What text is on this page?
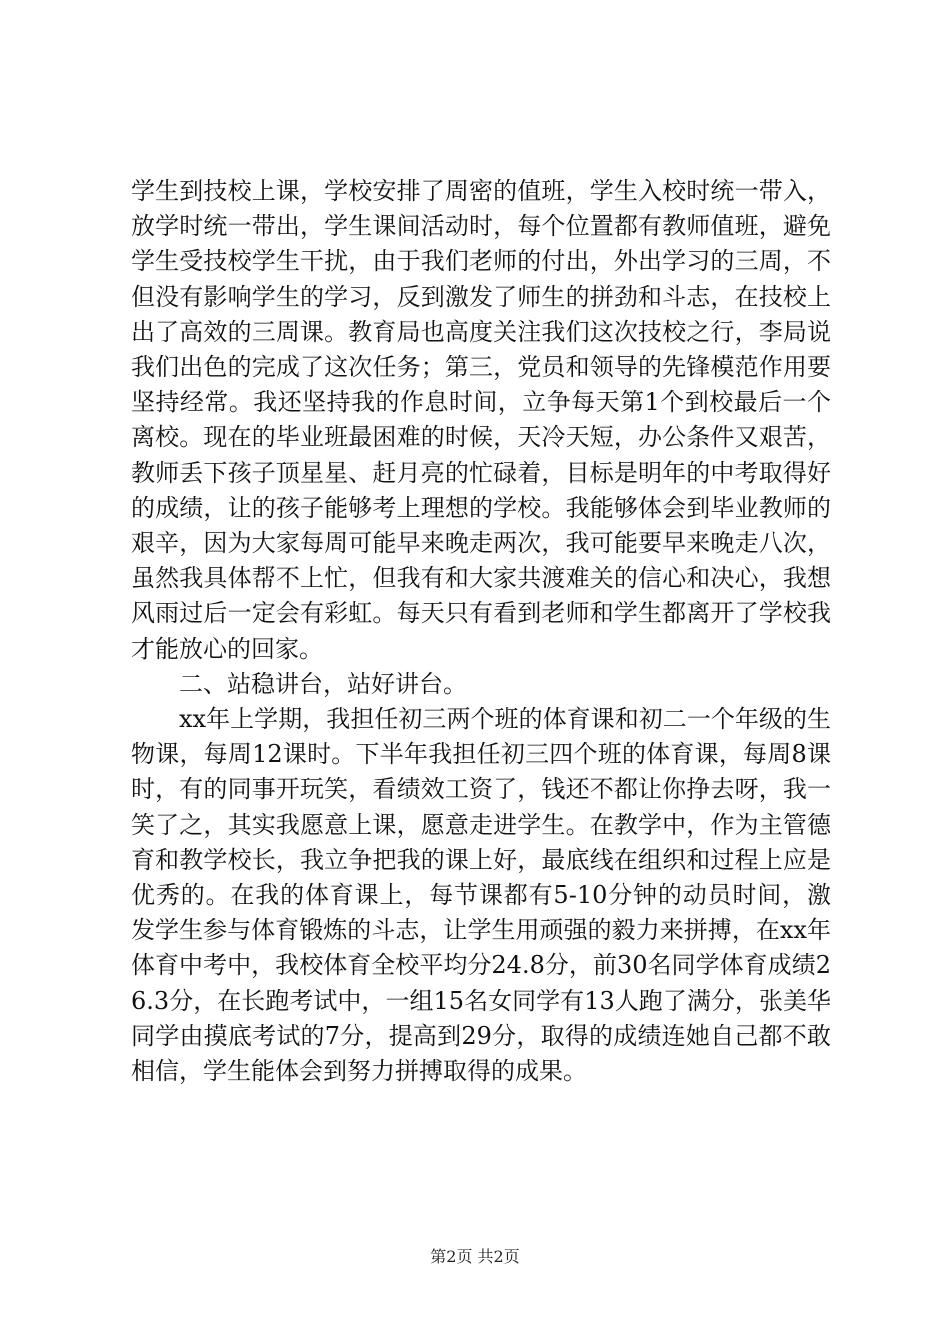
学生到技校上课，学校安排了周密的值班，学生入校时统一带入，放学时统一带出，学生课间活动时，每个位置都有教师值班，避免学生受技校学生干扰，由于我们老师的付出，外出学习的三周，不但没有影响学生的学习，反到激发了师生的拼劲和斗志，在技校上出了高效的三周课。教育局也高度关注我们这次技校之行，李局说我们出色的完成了这次任务；第三，党员和领导的先锋模范作用要坚持经常。我还坚持我的作息时间，立争每天第1个到校最后一个离校。现在的毕业班最困难的时候，天冷天短，办公条件又艰苦，教师丢下孩子顶星星、赶月亮的忙碌着，目标是明年的中考取得好的成绩，让的孩子能够考上理想的学校。我能够体会到毕业教师的艰辛，因为大家每周可能早来晚走两次，我可能要早来晚走八次，虽然我具体帮不上忙，但我有和大家共渡难关的信心和决心，我想风雨过后一定会有彩虹。每天只有看到老师和学生都离开了学校我才能放心的回家。

二、站稳讲台，站好讲台。

xx年上学期，我担任初三两个班的体育课和初二一个年级的生物课，每周12课时。下半年我担任初三四个班的体育课，每周8课时，有的同事开玩笑，看绩效工资了，钱还不都让你挣去呀，我一笑了之，其实我愿意上课，愿意走进学生。在教学中，作为主管德育和教学校长，我立争把我的课上好，最底线在组织和过程上应是优秀的。在我的体育课上，每节课都有5-10分钟的动员时间，激发学生参与体育锻炼的斗志，让学生用顽强的毅力来拼搏，在xx年体育中考中，我校体育全校平均分24.8分，前30名同学体育成绩26.3分，在长跑考试中，一组15名女同学有13人跑了满分，张美华同学由摸底考试的7分，提高到29分，取得的成绩连她自己都不敢相信，学生能体会到努力拼搏取得的成果。

第2页 共2页
